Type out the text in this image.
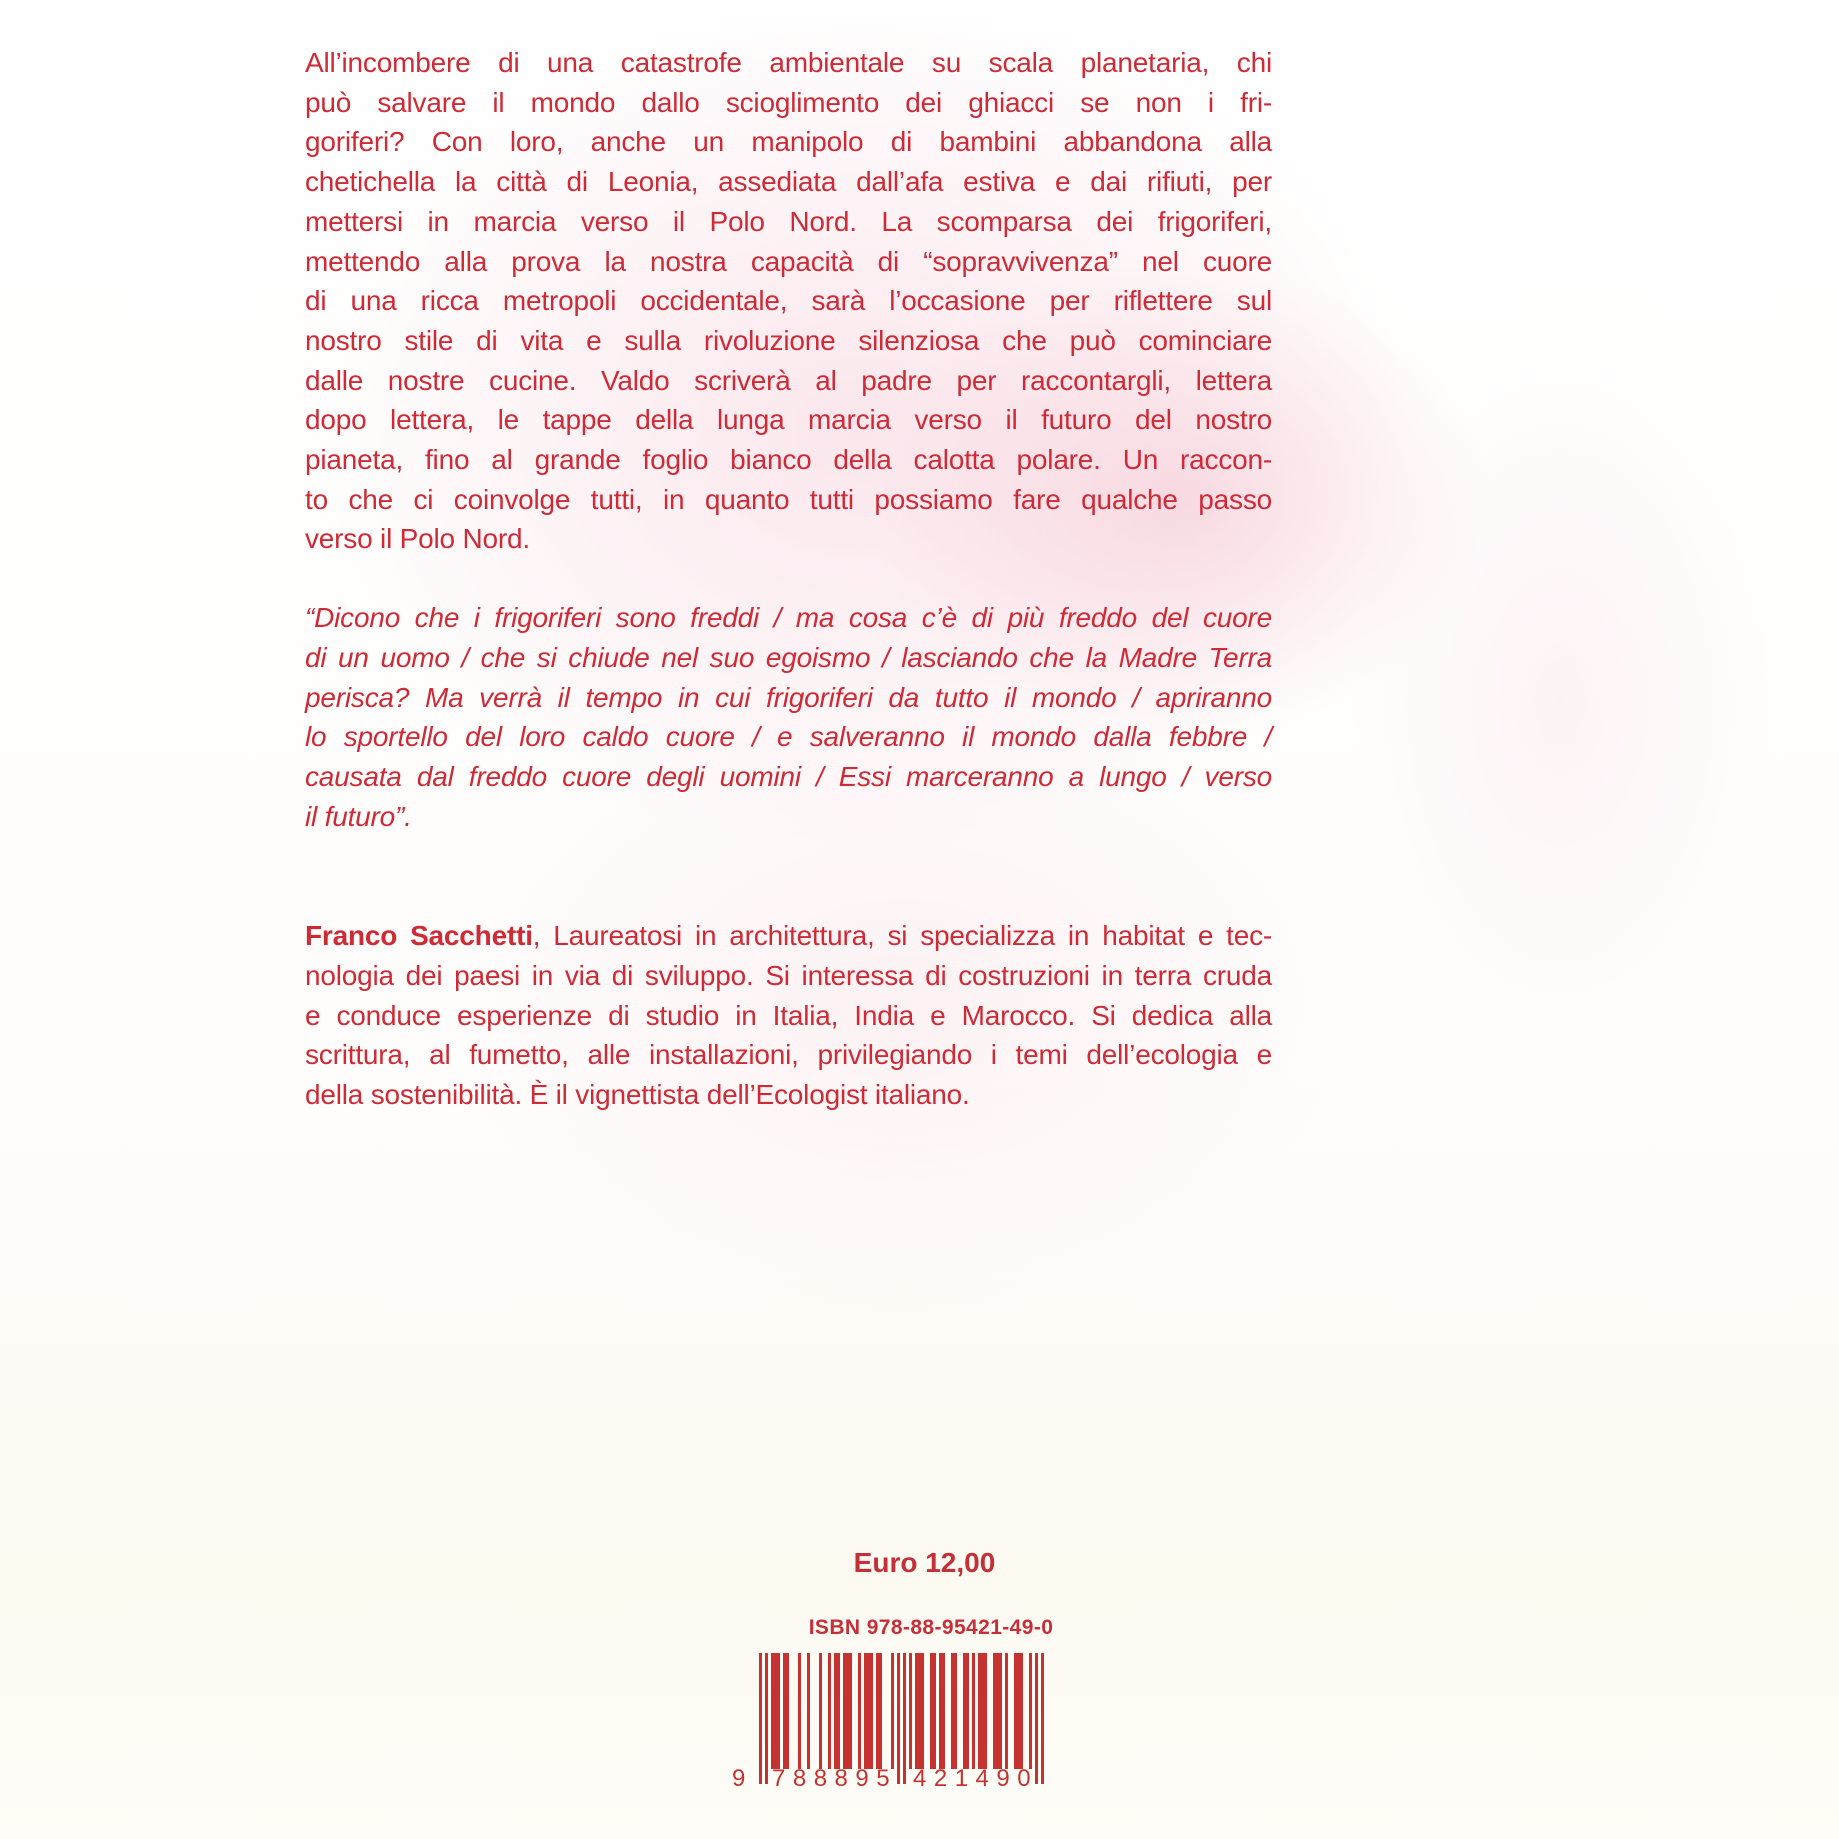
All’incombere di una catastrofe ambientale su scala planetaria, chi
può salvare il mondo dallo scioglimento dei ghiacci se non i fri-
goriferi? Con loro, anche un manipolo di bambini abbandona alla
chetichella la città di Leonia, assediata dall’afa estiva e dai rifiuti, per
mettersi in marcia verso il Polo Nord. La scomparsa dei frigoriferi,
mettendo alla prova la nostra capacità di “sopravvivenza” nel cuore
di una ricca metropoli occidentale, sarà l’occasione per riflettere sul
nostro stile di vita e sulla rivoluzione silenziosa che può cominciare
dalle nostre cucine. Valdo scriverà al padre per raccontargli, lettera
dopo lettera, le tappe della lunga marcia verso il futuro del nostro
pianeta, fino al grande foglio bianco della calotta polare. Un raccon-
to che ci coinvolge tutti, in quanto tutti possiamo fare qualche passo
verso il Polo Nord.
“Dicono che i frigoriferi sono freddi / ma cosa c’è di più freddo del cuore
di un uomo / che si chiude nel suo egoismo / lasciando che la Madre Terra
perisca? Ma verrà il tempo in cui frigoriferi da tutto il mondo / apriranno
lo sportello del loro caldo cuore / e salveranno il mondo dalla febbre /
causata dal freddo cuore degli uomini / Essi marceranno a lungo / verso
il futuro”.
Franco Sacchetti, Laureatosi in architettura, si specializza in habitat e tec-
nologia dei paesi in via di sviluppo. Si interessa di costruzioni in terra cruda
e conduce esperienze di studio in Italia, India e Marocco. Si dedica alla
scrittura, al fumetto, alle installazioni, privilegiando i temi dell’ecologia e
della sostenibilità. È il vignettista dell’Ecologist italiano.
Euro 12,00
ISBN 978-88-95421-49-0
9 788895 421490
